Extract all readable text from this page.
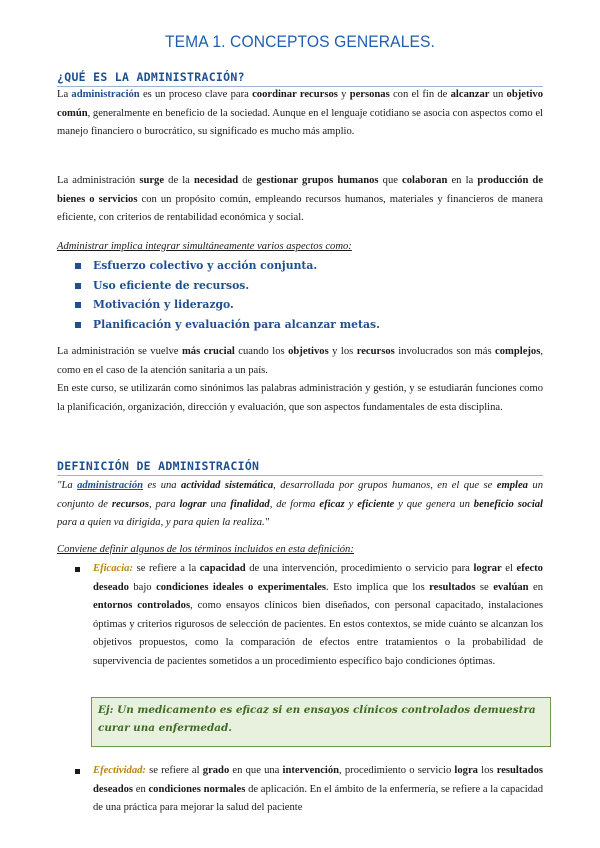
TEMA 1. CONCEPTOS GENERALES.
¿QUÉ ES LA ADMINISTRACIÓN?
La administración es un proceso clave para coordinar recursos y personas con el fin de alcanzar un objetivo común, generalmente en beneficio de la sociedad. Aunque en el lenguaje cotidiano se asocia con aspectos como el manejo financiero o burocrático, su significado es mucho más amplio.
La administración surge de la necesidad de gestionar grupos humanos que colaboran en la producción de bienes o servicios con un propósito común, empleando recursos humanos, materiales y financieros de manera eficiente, con criterios de rentabilidad económica y social.
Administrar implica integrar simultáneamente varios aspectos como:
Esfuerzo colectivo y acción conjunta.
Uso eficiente de recursos.
Motivación y liderazgo.
Planificación y evaluación para alcanzar metas.
La administración se vuelve más crucial cuando los objetivos y los recursos involucrados son más complejos, como en el caso de la atención sanitaria a un país.
En este curso, se utilizarán como sinónimos las palabras administración y gestión, y se estudiarán funciones como la planificación, organización, dirección y evaluación, que son aspectos fundamentales de esta disciplina.
DEFINICIÓN DE ADMINISTRACIÓN
"La administración es una actividad sistemática, desarrollada por grupos humanos, en el que se emplea un conjunto de recursos, para lograr una finalidad, de forma eficaz y eficiente y que genera un beneficio social para a quien va dirigida, y para quien la realiza."
Conviene definir algunos de los términos incluidos en esta definición:
Eficacia: se refiere a la capacidad de una intervención, procedimiento o servicio para lograr el efecto deseado bajo condiciones ideales o experimentales. Esto implica que los resultados se evalúan en entornos controlados, como ensayos clínicos bien diseñados, con personal capacitado, instalaciones óptimas y criterios rigurosos de selección de pacientes. En estos contextos, se mide cuánto se alcanzan los objetivos propuestos, como la comparación de efectos entre tratamientos o la probabilidad de supervivencia de pacientes sometidos a un procedimiento específico bajo condiciones óptimas.
Ej: Un medicamento es eficaz si en ensayos clínicos controlados demuestra curar una enfermedad.
Efectividad: se refiere al grado en que una intervención, procedimiento o servicio logra los resultados deseados en condiciones normales de aplicación. En el ámbito de la enfermería, se refiere a la capacidad de una práctica para mejorar la salud del paciente
